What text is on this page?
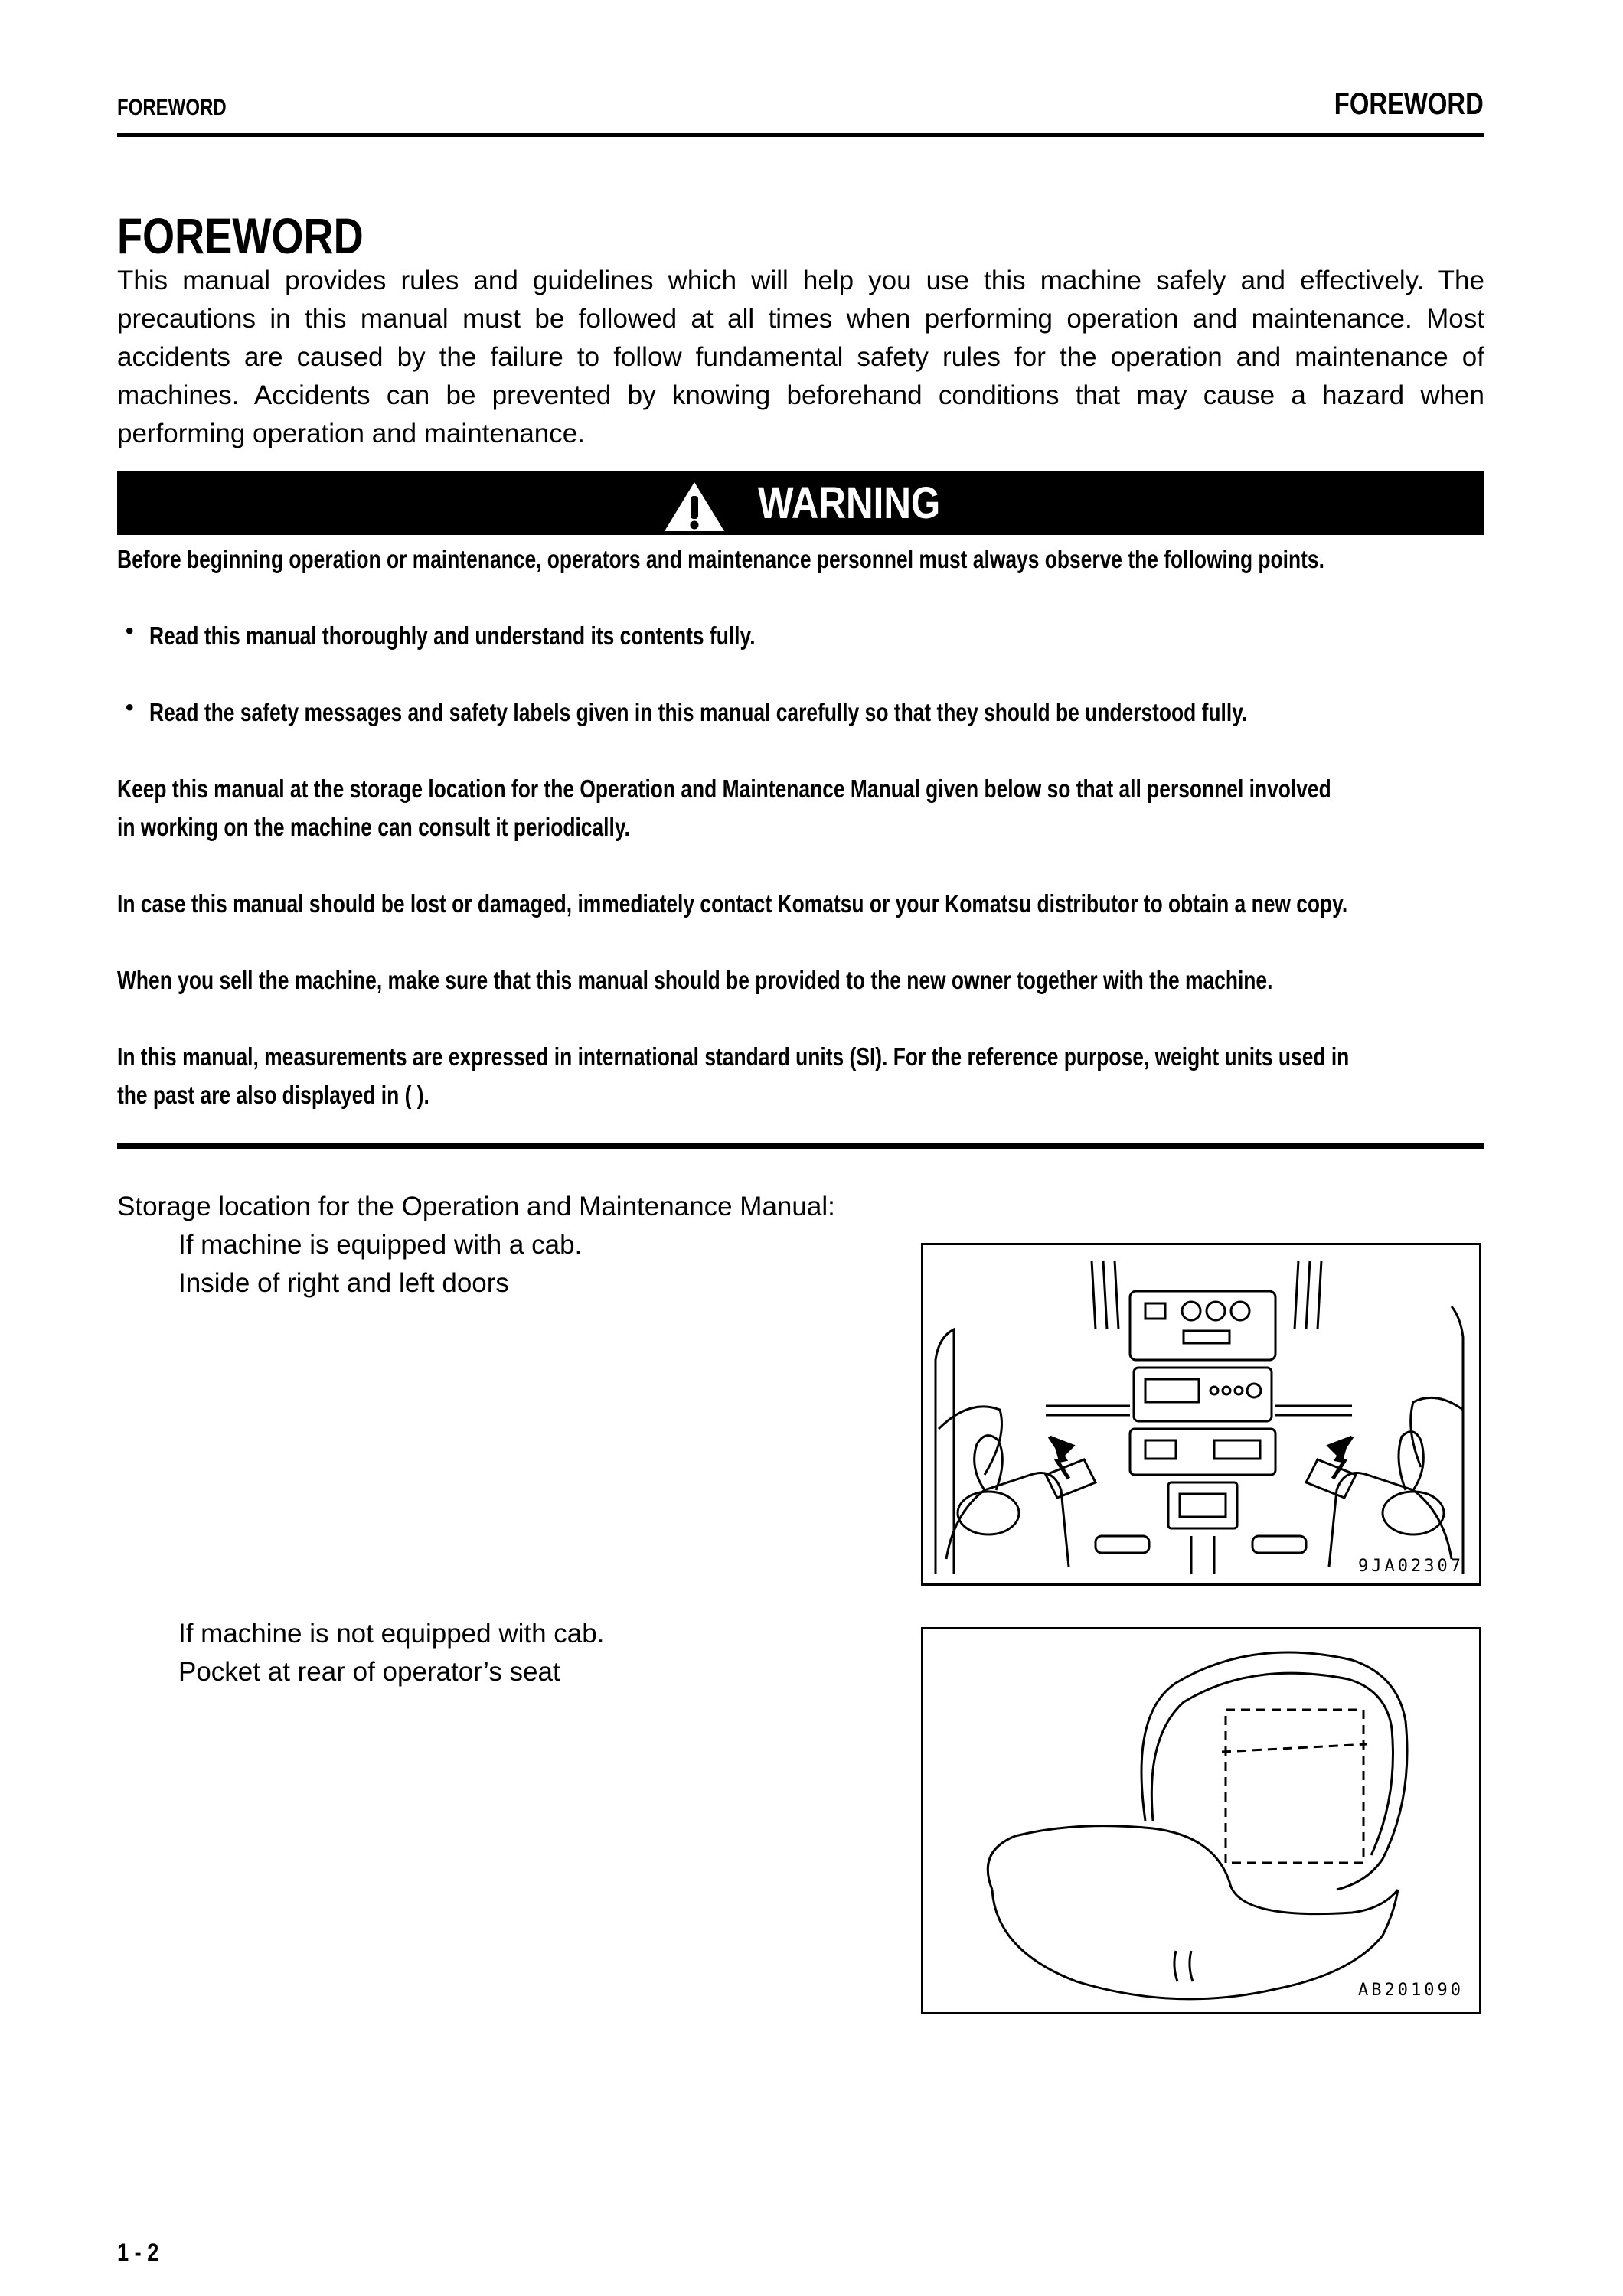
FOREWORD	FOREWORD
FOREWORD
This manual provides rules and guidelines which will help you use this machine safely and effectively. The precautions in this manual must be followed at all times when performing operation and maintenance. Most accidents are caused by the failure to follow fundamental safety rules for the operation and maintenance of machines. Accidents can be prevented by knowing beforehand conditions that may cause a hazard when performing operation and maintenance.
WARNING
Before beginning operation or maintenance, operators and maintenance personnel must always observe the following points.
• Read this manual thoroughly and understand its contents fully.
• Read the safety messages and safety labels given in this manual carefully so that they should be understood fully.
Keep this manual at the storage location for the Operation and Maintenance Manual given below so that all personnel involved
in working on the machine can consult it periodically.
In case this manual should be lost or damaged, immediately contact Komatsu or your Komatsu distributor to obtain a new copy.
When you sell the machine, make sure that this manual should be provided to the new owner together with the machine.
In this manual, measurements are expressed in international standard units (SI). For the reference purpose, weight units used in
the past are also displayed in ( ).
Storage location for the Operation and Maintenance Manual:
If machine is equipped with a cab.
Inside of right and left doors
If machine is not equipped with cab.
Pocket at rear of operator’s seat
9JA02307
AB201090
1 - 2
